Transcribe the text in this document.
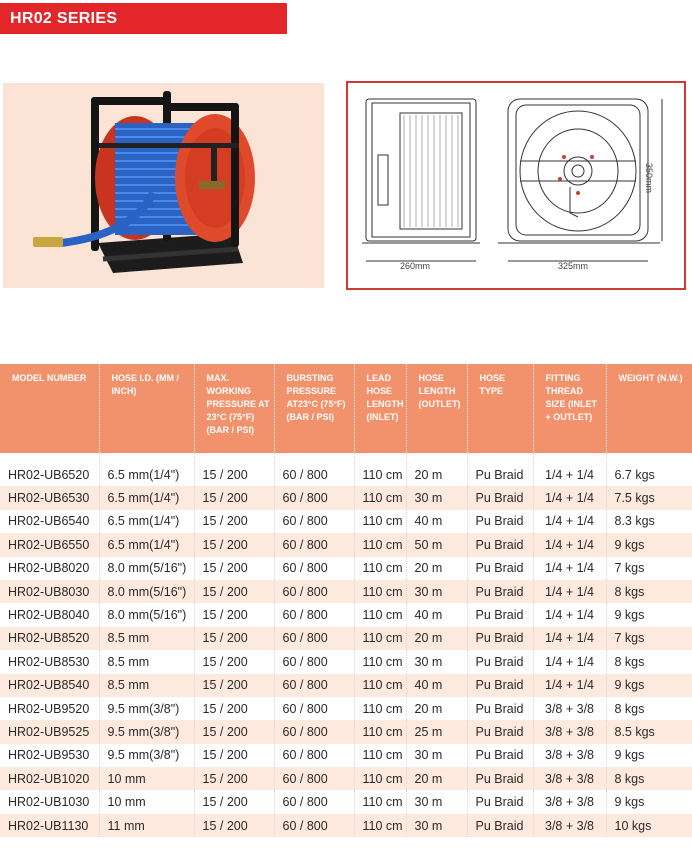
HR02 SERIES
260mm	325mm
350mm
MODEL NUMBER	HOSE I.D. (MM / INCH)	MAX. WORKING PRESSURE AT 23°C (75°F) (BAR / PSI)	BURSTING PRESSURE AT23°C (75°F) (BAR / PSI)	LEAD HOSE LENGTH (INLET)	HOSE LENGTH (OUTLET)	HOSE TYPE	FITTING THREAD SIZE (INLET + OUTLET)	WEIGHT (N.W.)

HR02-UB6520	6.5 mm(1/4")	15 / 200	60 / 800	110 cm	20 m	Pu Braid	1/4 + 1/4	6.7 kgs
HR02-UB6530	6.5 mm(1/4")	15 / 200	60 / 800	110 cm	30 m	Pu Braid	1/4 + 1/4	7.5 kgs
HR02-UB6540	6.5 mm(1/4")	15 / 200	60 / 800	110 cm	40 m	Pu Braid	1/4 + 1/4	8.3 kgs
HR02-UB6550	6.5 mm(1/4")	15 / 200	60 / 800	110 cm	50 m	Pu Braid	1/4 + 1/4	9 kgs
HR02-UB8020	8.0 mm(5/16")	15 / 200	60 / 800	110 cm	20 m	Pu Braid	1/4 + 1/4	7 kgs
HR02-UB8030	8.0 mm(5/16")	15 / 200	60 / 800	110 cm	30 m	Pu Braid	1/4 + 1/4	8 kgs
HR02-UB8040	8.0 mm(5/16")	15 / 200	60 / 800	110 cm	40 m	Pu Braid	1/4 + 1/4	9 kgs
HR02-UB8520	8.5 mm	15 / 200	60 / 800	110 cm	20 m	Pu Braid	1/4 + 1/4	7 kgs
HR02-UB8530	8.5 mm	15 / 200	60 / 800	110 cm	30 m	Pu Braid	1/4 + 1/4	8 kgs
HR02-UB8540	8.5 mm	15 / 200	60 / 800	110 cm	40 m	Pu Braid	1/4 + 1/4	9 kgs
HR02-UB9520	9.5 mm(3/8")	15 / 200	60 / 800	110 cm	20 m	Pu Braid	3/8 + 3/8	8 kgs
HR02-UB9525	9.5 mm(3/8")	15 / 200	60 / 800	110 cm	25 m	Pu Braid	3/8 + 3/8	8.5 kgs
HR02-UB9530	9.5 mm(3/8")	15 / 200	60 / 800	110 cm	30 m	Pu Braid	3/8 + 3/8	9 kgs
HR02-UB1020	10 mm	15 / 200	60 / 800	110 cm	20 m	Pu Braid	3/8 + 3/8	8 kgs
HR02-UB1030	10 mm	15 / 200	60 / 800	110 cm	30 m	Pu Braid	3/8 + 3/8	9 kgs
HR02-UB1130	11 mm	15 / 200	60 / 800	110 cm	30 m	Pu Braid	3/8 + 3/8	10 kgs
